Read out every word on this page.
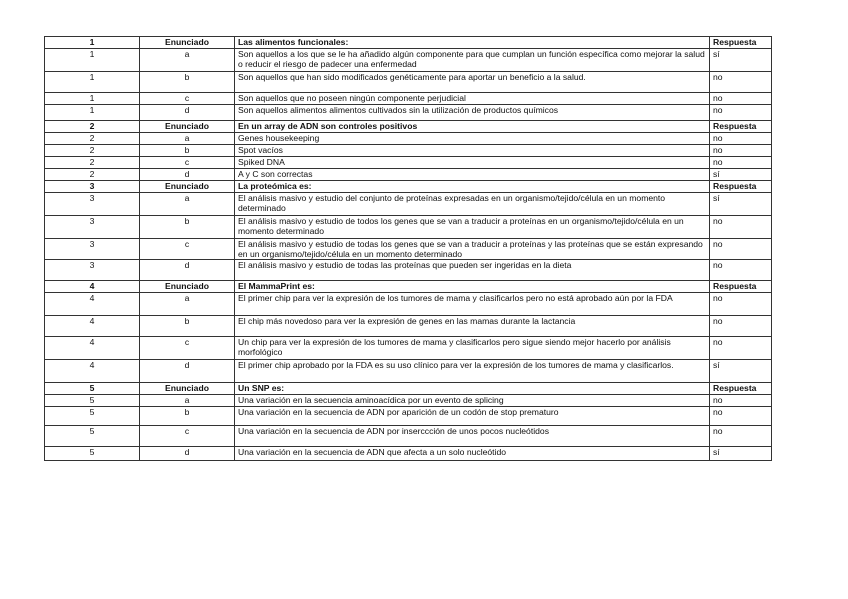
1	Enunciado	Las alimentos funcionales:	Respuesta
1	a	Son aquellos a los que se le ha añadido algún componente para que cumplan un función específica como mejorar la salud o reducir el riesgo de padecer una enfermedad	sí
1	b	Son aquellos que han sido modificados genéticamente para aportar un beneficio a la salud.	no
1	c	Son aquellos que no poseen ningún componente perjudicial	no
1	d	Son aquellos alimentos alimentos cultivados sin la utilización de productos químicos	no
2	Enunciado	En un array de ADN son controles positivos	Respuesta
2	a	Genes housekeeping	no
2	b	Spot vacíos	no
2	c	Spiked DNA	no
2	d	A y C son correctas	sí
3	Enunciado	La proteómica es:	Respuesta
3	a	El análisis masivo y estudio del conjunto de proteínas expresadas en un organismo/tejido/célula en un momento determinado	sí
3	b	El análisis masivo y estudio de todos los genes que se van a traducir a proteínas en un organismo/tejido/célula en un momento determinado	no
3	c	El análisis masivo y estudio de todas los genes que se van a traducir a proteínas y las proteínas que se están expresando en un organismo/tejido/célula en un momento determinado	no
3	d	El análisis masivo y estudio de todas las proteínas que pueden ser ingeridas en la dieta	no
4	Enunciado	El MammaPrint es:	Respuesta
4	a	El primer chip para ver la expresión de los tumores de mama y clasificarlos pero no está aprobado aún por la FDA	no
4	b	El chip más novedoso para ver la expresión de genes en las mamas durante la lactancia	no
4	c	Un chip para ver la expresión de los tumores de mama y clasificarlos pero sigue siendo mejor hacerlo por análisis morfológico	no
4	d	El primer chip aprobado por la FDA es su uso clínico para ver la expresión de los tumores de mama y clasificarlos.	sí
5	Enunciado	Un SNP es:	Respuesta
5	a	Una variación en la secuencia aminoacídica por un evento de splicing	no
5	b	Una variación en la secuencia de ADN por aparición de un codón de stop prematuro	no
5	c	Una variación en la secuencia de ADN por inserccción de unos pocos nucleótidos	no
5	d	Una variación en la secuencia de ADN que afecta a un solo nucleótido	sí
